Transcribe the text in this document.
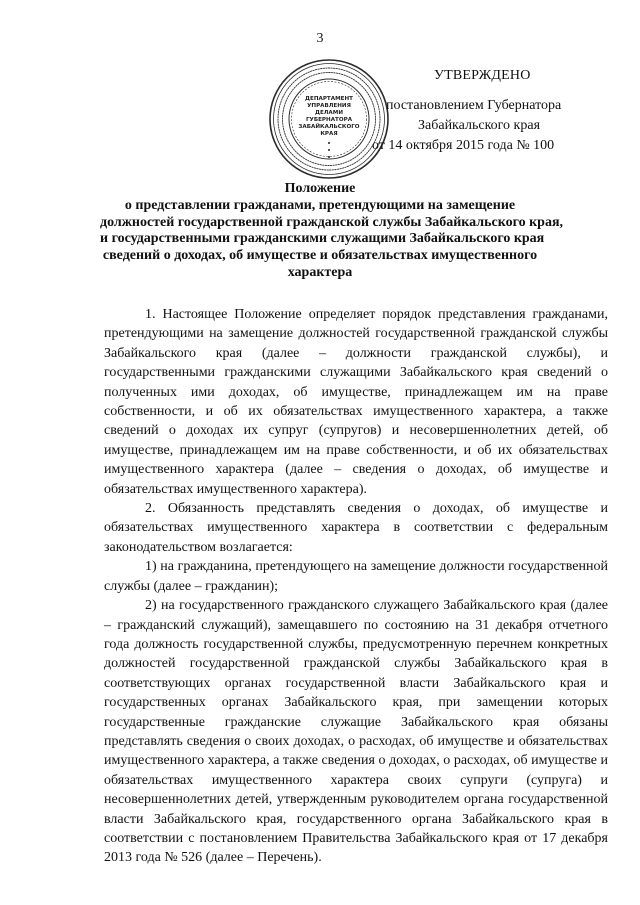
3
ДЕПАРТАМЕНТ
УПРАВЛЕНИЯ
ДЕЛАМИ
ГУБЕРНАТОРА
ЗАБАЙКАЛЬСКОГО
КРАЯ
УТВЕРЖДЕНО
постановлением Губернатора
Забайкальского края
от 14 октября 2015 года № 100
Положение
о представлении гражданами, претендующими на замещение
должностей государственной гражданской службы Забайкальского края,
и государственными гражданскими служащими Забайкальского края
сведений о доходах, об имуществе и обязательствах имущественного
характера

1. Настоящее Положение определяет порядок представления гражданами, претендующими на замещение должностей государственной гражданской службы Забайкальского края (далее – должности гражданской службы), и государственными гражданскими служащими Забайкальского края сведений о полученных ими доходах, об имуществе, принадлежащем им на праве собственности, и об их обязательствах имущественного характера, а также сведений о доходах их супруг (супругов) и несовершеннолетних детей, об имуществе, принадлежащем им на праве собственности, и об их обязательствах имущественного характера (далее – сведения о доходах, об имуществе и обязательствах имущественного характера).

2. Обязанность представлять сведения о доходах, об имуществе и обязательствах имущественного характера в соответствии с федеральным законодательством возлагается:

1) на гражданина, претендующего на замещение должности государственной службы (далее – гражданин);

2) на государственного гражданского служащего Забайкальского края (далее – гражданский служащий), замещавшего по состоянию на 31 декабря отчетного года должность государственной службы, предусмотренную перечнем конкретных должностей государственной гражданской службы Забайкальского края в соответствующих органах государственной власти Забайкальского края и государственных органах Забайкальского края, при замещении которых государственные гражданские служащие Забайкальского края обязаны представлять сведения о своих доходах, о расходах, об имуществе и обязательствах имущественного характера, а также сведения о доходах, о расходах, об имуществе и обязательствах имущественного характера своих супруги (супруга) и несовершеннолетних детей, утвержденным руководителем органа государственной власти Забайкальского края, государственного органа Забайкальского края в соответствии с постановлением Правительства Забайкальского края от 17 декабря 2013 года № 526 (далее – Перечень).
